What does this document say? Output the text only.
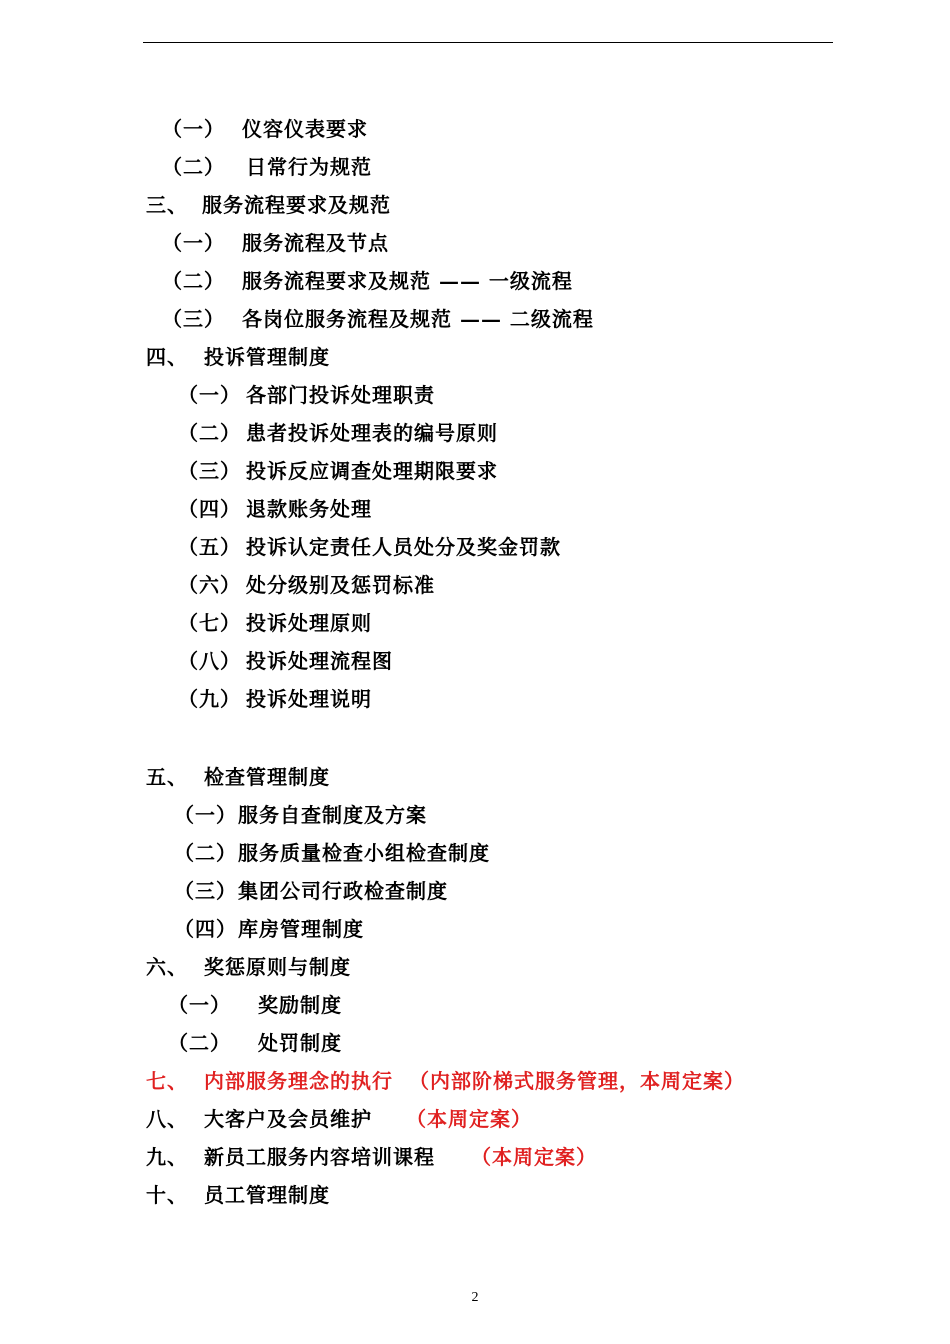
（一） 仪容仪表要求
（二） 日常行为规范
三、 服务流程要求及规范
（一） 服务流程及节点
（二） 服务流程要求及规范 —— 一级流程
（三） 各岗位服务流程及规范 —— 二级流程
四、 投诉管理制度
（一） 各部门投诉处理职责
（二） 患者投诉处理表的编号原则
（三） 投诉反应调查处理期限要求
（四） 退款账务处理
（五） 投诉认定责任人员处分及奖金罚款
（六） 处分级别及惩罚标准
（七） 投诉处理原则
（八） 投诉处理流程图
（九） 投诉处理说明
五、 检查管理制度
（一）服务自查制度及方案
（二）服务质量检查小组检查制度
（三）集团公司行政检查制度
（四）库房管理制度
六、 奖惩原则与制度
（一） 奖励制度
（二） 处罚制度
七、 内部服务理念的执行 （内部阶梯式服务管理，本周定案）
八、 大客户及会员维护 （本周定案）
九、 新员工服务内容培训课程 （本周定案）
十、 员工管理制度
2
